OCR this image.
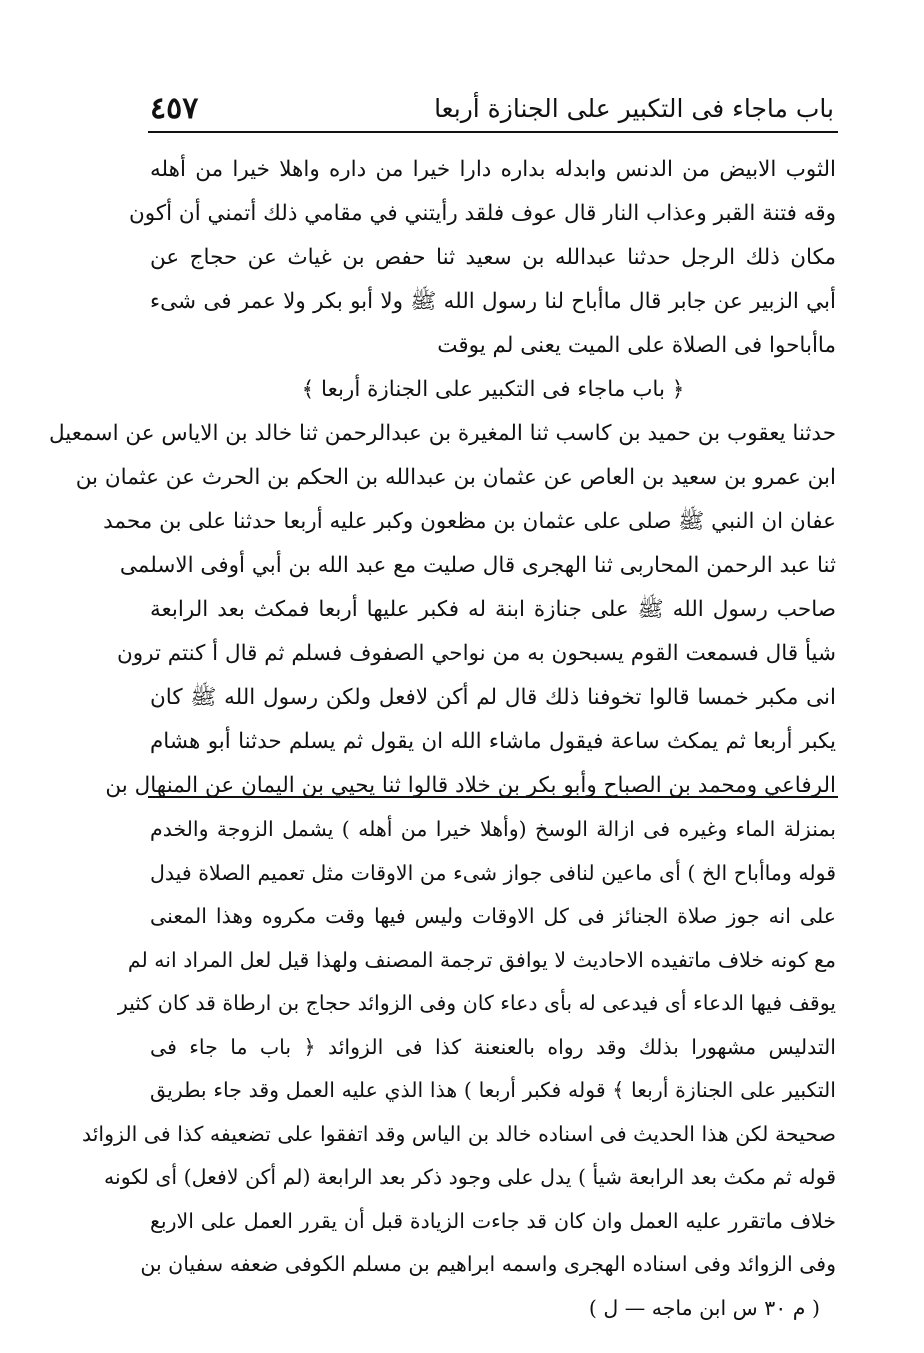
باب ماجاء فى التكبير على الجنازة أربعا
٤٥٧
الثوب الابيض من الدنس وابدله بداره دارا خيرا من داره واهلا خيرا من أهله
وقه فتنة القبر وعذاب النار قال عوف فلقد رأيتني في مقامي ذلك أتمني أن أكون
مكان ذلك الرجل حدثنا عبدالله بن سعيد ثنا حفص بن غياث عن حجاج عن
أبي الزبير عن جابر قال ماأباح لنا رسول الله ﷺ ولا أبو بكر ولا عمر فى شىء
ماأباحوا فى الصلاة على الميت يعنى لم يوقت
﴿ باب ماجاء فى التكبير على الجنازة أربعا ﴾
حدثنا يعقوب بن حميد بن كاسب ثنا المغيرة بن عبدالرحمن ثنا خالد بن الاياس عن اسمعيل
ابن عمرو بن سعيد بن العاص عن عثمان بن عبدالله بن الحكم بن الحرث عن عثمان بن
عفان ان النبي ﷺ صلى على عثمان بن مظعون وكبر عليه أربعا حدثنا على بن محمد
ثنا عبد الرحمن المحاربى ثنا الهجرى قال صليت مع عبد الله بن أبي أوفى الاسلمى
صاحب رسول الله ﷺ على جنازة ابنة له فكبر عليها أربعا فمكث بعد الرابعة
شيأ قال فسمعت القوم يسبحون به من نواحي الصفوف فسلم ثم قال أ كنتم ترون
انى مكبر خمسا قالوا تخوفنا ذلك قال لم أكن لافعل ولكن رسول الله ﷺ كان
يكبر أربعا ثم يمكث ساعة فيقول ماشاء الله ان يقول ثم يسلم حدثنا أبو هشام
الرفاعي ومحمد بن الصباح وأبو بكر بن خلاد قالوا ثنا يحيي بن اليمان عن المنهال بن
بمنزلة الماء وغيره فى ازالة الوسخ (وأهلا خيرا من أهله ) يشمل الزوجة والخدم
قوله وماأباح الخ ) أى ماعين لنافى جواز شىء من الاوقات مثل تعميم الصلاة فيدل
على انه جوز صلاة الجنائز فى كل الاوقات وليس فيها وقت مكروه وهذا المعنى
مع كونه خلاف ماتفيده الاحاديث لا يوافق ترجمة المصنف ولهذا قيل لعل المراد انه لم
يوقف فيها الدعاء أى فيدعى له بأى دعاء كان وفى الزوائد حجاج بن ارطاة قد كان كثير
التدليس مشهورا بذلك وقد رواه بالعنعنة كذا فى الزوائد ﴿ باب ما جاء فى
التكبير على الجنازة أربعا ﴾ قوله فكبر أربعا ) هذا الذي عليه العمل وقد جاء بطريق
صحيحة لكن هذا الحديث فى اسناده خالد بن الياس وقد اتفقوا على تضعيفه كذا فى الزوائد
قوله ثم مكث بعد الرابعة شيأ ) يدل على وجود ذكر بعد الرابعة (لم أكن لافعل) أى لكونه
خلاف ماتقرر عليه العمل وان كان قد جاءت الزيادة قبل أن يقرر العمل على الاربع
وفى الزوائد وفى اسناده الهجرى واسمه ابراهيم بن مسلم الكوفى ضعفه سفيان بن
( م ٣٠ س ابن ماجه — ل )
